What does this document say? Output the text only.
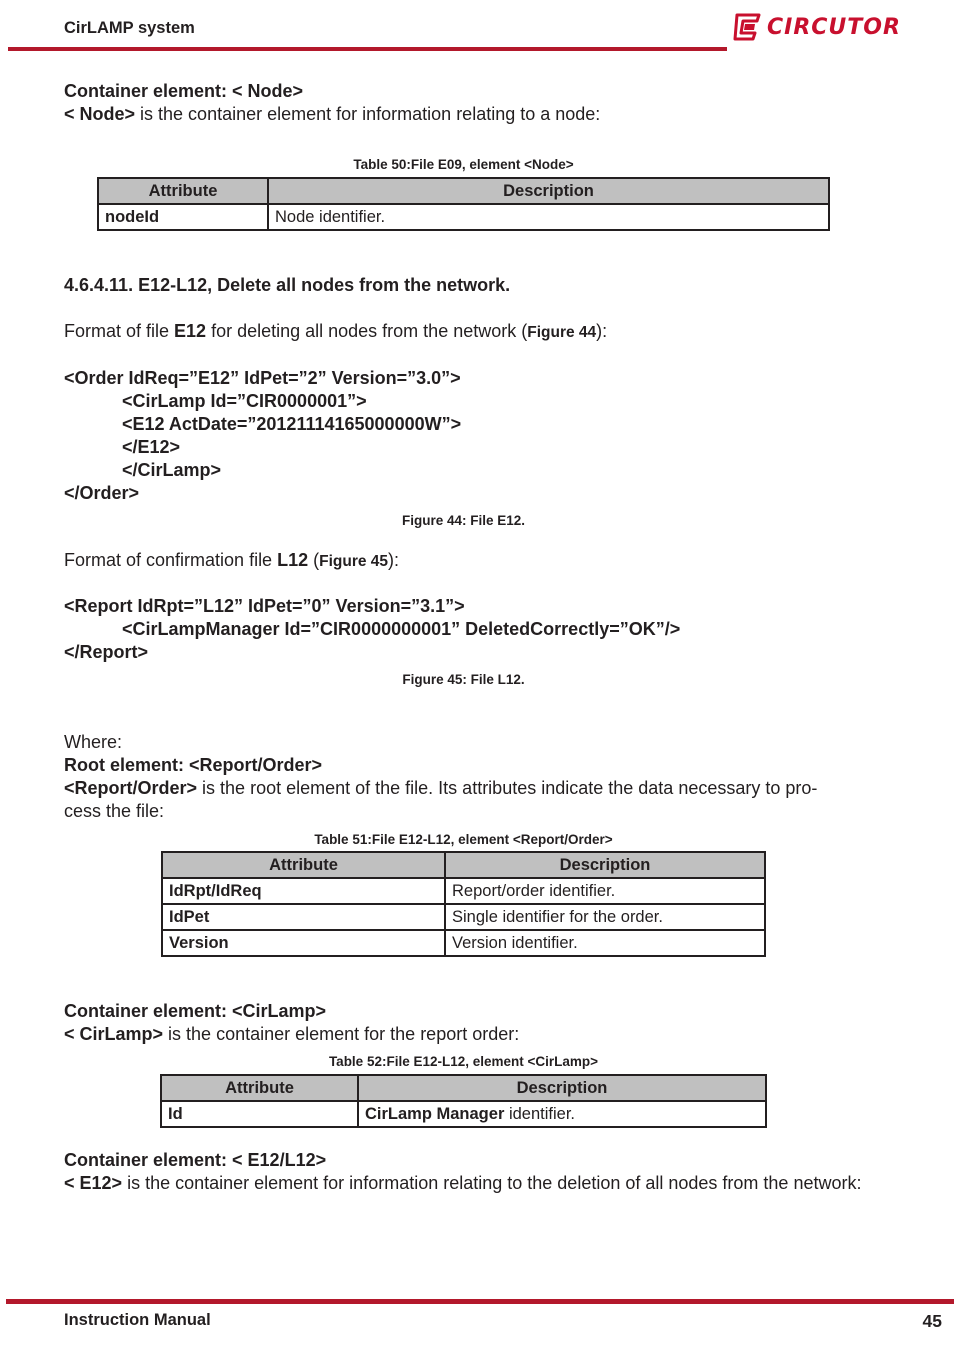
CirLAMP system	CIRCUTOR
Container element: < Node>
< Node> is the container element for information relating to a node:
Table 50:File E09, element <Node>
Attribute	Description
nodeId	Node identifier.
4.6.4.11. E12-L12, Delete all nodes from the network.
Format of file E12 for deleting all nodes from the network (Figure 44):
<Order IdReq=”E12” IdPet=”2” Version=”3.0”>
<CirLamp Id=”CIR0000001”>
<E12 ActDate=”20121114165000000W”>
</E12>
</CirLamp>
</Order>
Figure 44: File E12.
Format of confirmation file L12 (Figure 45):
<Report IdRpt=”L12” IdPet=”0” Version=”3.1”>
<CirLampManager Id=”CIR0000000001” DeletedCorrectly=”OK”/>
</Report>
Figure 45: File L12.
Where:
Root element: <Report/Order>
<Report/Order> is the root element of the file. Its attributes indicate the data necessary to pro-
cess the file:
Table 51:File E12-L12, element <Report/Order>
Attribute	Description
IdRpt/IdReq	Report/order identifier.
IdPet	Single identifier for the order.
Version	Version identifier.
Container element: <CirLamp>
< CirLamp> is the container element for the report order:
Table 52:File E12-L12, element <CirLamp>
Attribute	Description
Id	CirLamp Manager identifier.
Container element: < E12/L12>
< E12> is the container element for information relating to the deletion of all nodes from the network:
Instruction Manual	45
